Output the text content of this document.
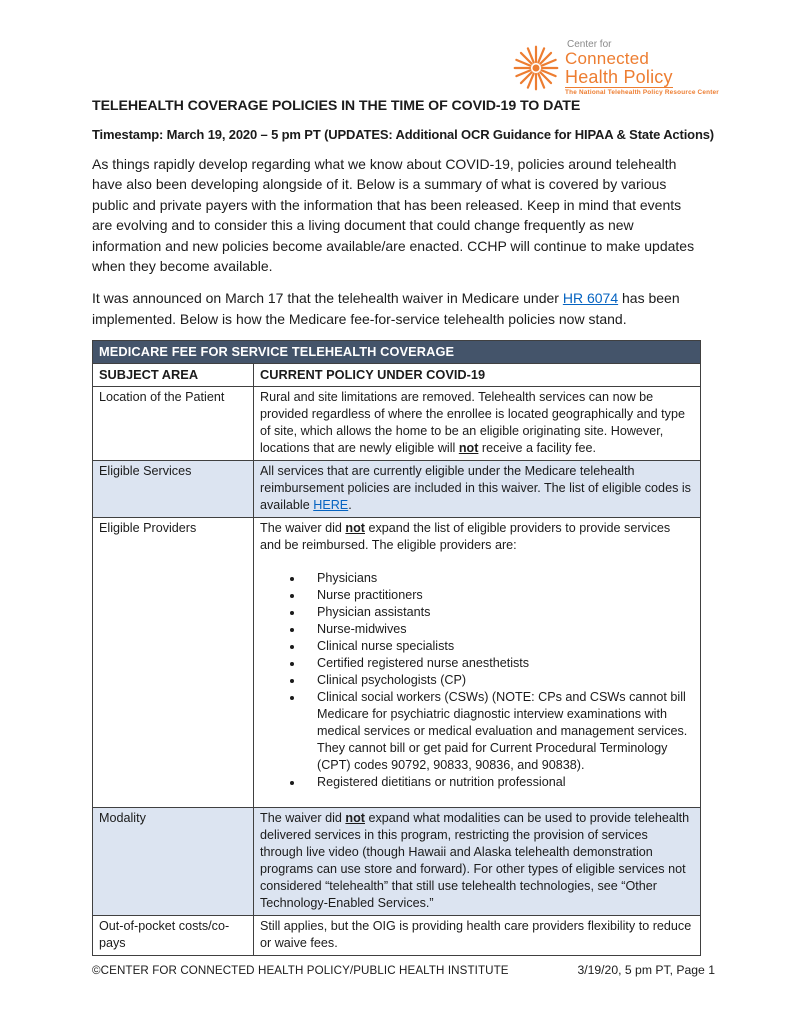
Center for
Connected
Health Policy
The National Telehealth Policy Resource Center
TELEHEALTH COVERAGE POLICIES IN THE TIME OF COVID-19 TO DATE

Timestamp: March 19, 2020 – 5 pm PT (UPDATES: Additional OCR Guidance for HIPAA & State Actions)

As things rapidly develop regarding what we know about COVID-19, policies around telehealth have also been developing alongside of it. Below is a summary of what is covered by various public and private payers with the information that has been released. Keep in mind that events are evolving and to consider this a living document that could change frequently as new information and new policies become available/are enacted. CCHP will continue to make updates when they become available.

It was announced on March 17 that the telehealth waiver in Medicare under HR 6074 has been implemented. Below is how the Medicare fee-for-service telehealth policies now stand.

MEDICARE FEE FOR SERVICE TELEHEALTH COVERAGE	
SUBJECT AREA	CURRENT POLICY UNDER COVID-19
Location of the Patient	Rural and site limitations are removed. Telehealth services can now be provided regardless of where the enrollee is located geographically and type of site, which allows the home to be an eligible originating site. However, locations that are newly eligible will not receive a facility fee.
Eligible Services	All services that are currently eligible under the Medicare telehealth reimbursement policies are included in this waiver. The list of eligible codes is available HERE.
Eligible Providers	The waiver did not expand the list of eligible providers to provide services and be reimbursed. The eligible providers are:
• Physicians
• Nurse practitioners
• Physician assistants
• Nurse-midwives
• Clinical nurse specialists
• Certified registered nurse anesthetists
• Clinical psychologists (CP)
• Clinical social workers (CSWs) (NOTE: CPs and CSWs cannot bill Medicare for psychiatric diagnostic interview examinations with medical services or medical evaluation and management services. They cannot bill or get paid for Current Procedural Terminology (CPT) codes 90792, 90833, 90836, and 90838).
• Registered dietitians or nutrition professional

Modality	The waiver did not expand what modalities can be used to provide telehealth delivered services in this program, restricting the provision of services through live video (though Hawaii and Alaska telehealth demonstration programs can use store and forward). For other types of eligible services not considered “telehealth” that still use telehealth technologies, see “Other Technology-Enabled Services.”
Out-of-pocket costs/co-pays	Still applies, but the OIG is providing health care providers flexibility to reduce or waive fees.
©CENTER FOR CONNECTED HEALTH POLICY/PUBLIC HEALTH INSTITUTE	3/19/20, 5 pm PT, Page 1
